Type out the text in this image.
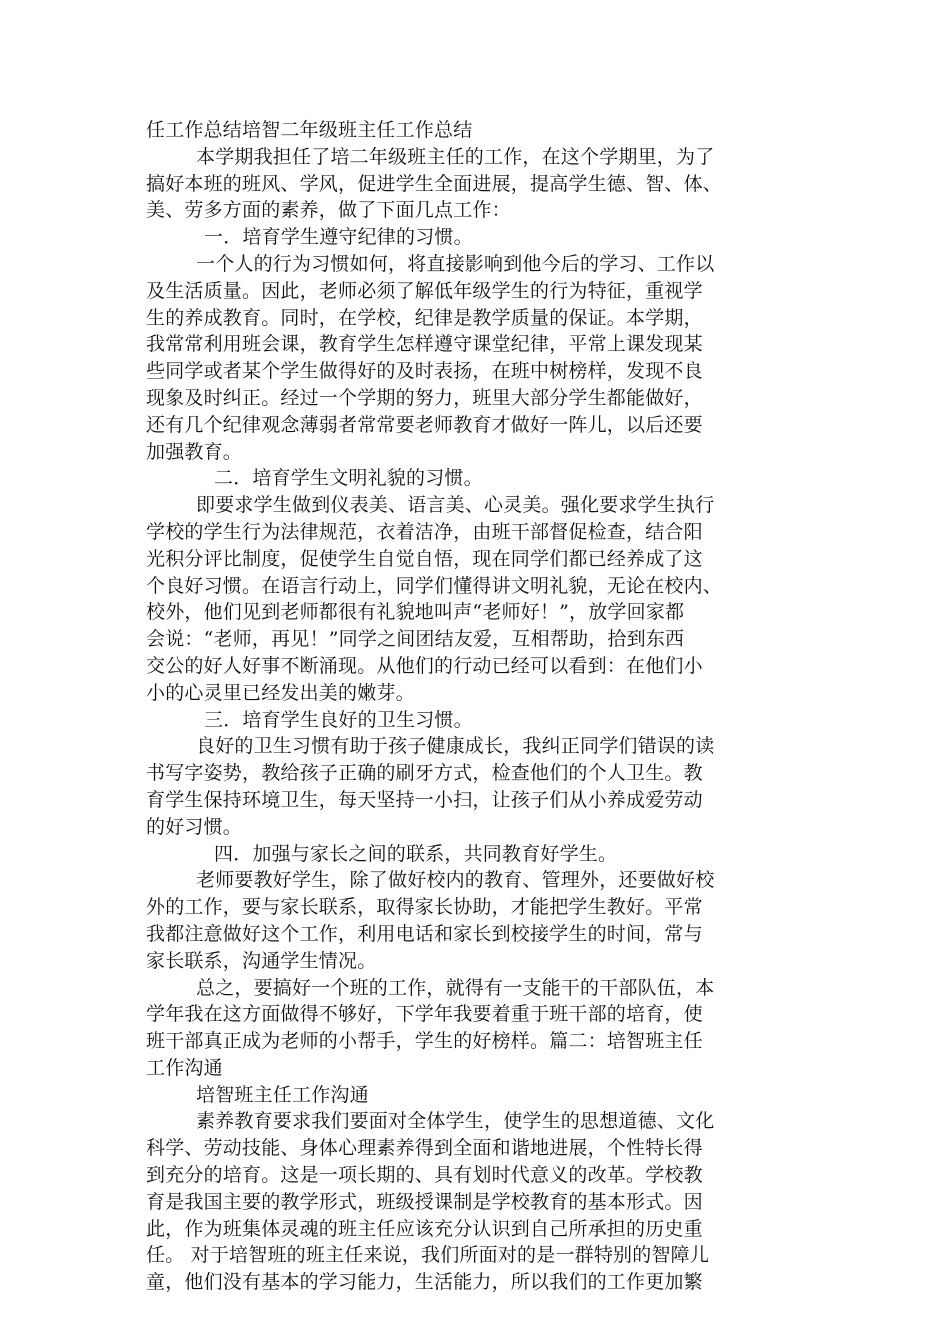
任工作总结培智二年级班主任工作总结
本学期我担任了培二年级班主任的工作，在这个学期里，为了
搞好本班的班风、学风，促进学生全面进展，提高学生德、智、体、
美、劳多方面的素养，做了下面几点工作：
一．培育学生遵守纪律的习惯。
一个人的行为习惯如何，将直接影响到他今后的学习、工作以
及生活质量。因此，老师必须了解低年级学生的行为特征，重视学
生的养成教育。同时，在学校，纪律是教学质量的保证。本学期，
我常常利用班会课，教育学生怎样遵守课堂纪律，平常上课发现某
些同学或者某个学生做得好的及时表扬，在班中树榜样，发现不良
现象及时纠正。经过一个学期的努力，班里大部分学生都能做好，
还有几个纪律观念薄弱者常常要老师教育才做好一阵儿，以后还要
加强教育。
二．培育学生文明礼貌的习惯。
即要求学生做到仪表美、语言美、心灵美。强化要求学生执行
学校的学生行为法律规范，衣着洁净，由班干部督促检查，结合阳
光积分评比制度，促使学生自觉自悟，现在同学们都已经养成了这
个良好习惯。在语言行动上，同学们懂得讲文明礼貌，无论在校内、
校外，他们见到老师都很有礼貌地叫声“老师好！”，放学回家都
会说：“老师，再见！”同学之间团结友爱，互相帮助，拾到东西
交公的好人好事不断涌现。从他们的行动已经可以看到：在他们小
小的心灵里已经发出美的嫩芽。
三．培育学生良好的卫生习惯。
良好的卫生习惯有助于孩子健康成长，我纠正同学们错误的读
书写字姿势，教给孩子正确的刷牙方式，检查他们的个人卫生。教
育学生保持环境卫生，每天坚持一小扫，让孩子们从小养成爱劳动
的好习惯。
四．加强与家长之间的联系，共同教育好学生。
老师要教好学生，除了做好校内的教育、管理外，还要做好校
外的工作，要与家长联系，取得家长协助，才能把学生教好。平常
我都注意做好这个工作，利用电话和家长到校接学生的时间，常与
家长联系，沟通学生情况。
总之，要搞好一个班的工作，就得有一支能干的干部队伍，本
学年我在这方面做得不够好，下学年我要着重于班干部的培育，使
班干部真正成为老师的小帮手，学生的好榜样。篇二：培智班主任
工作沟通
培智班主任工作沟通
素养教育要求我们要面对全体学生，使学生的思想道德、文化
科学、劳动技能、身体心理素养得到全面和谐地进展，个性特长得
到充分的培育。这是一项长期的、具有划时代意义的改革。学校教
育是我国主要的教学形式，班级授课制是学校教育的基本形式。因
此，作为班集体灵魂的班主任应该充分认识到自己所承担的历史重
任。 对于培智班的班主任来说，我们所面对的是一群特别的智障儿
童，他们没有基本的学习能力，生活能力，所以我们的工作更加繁
